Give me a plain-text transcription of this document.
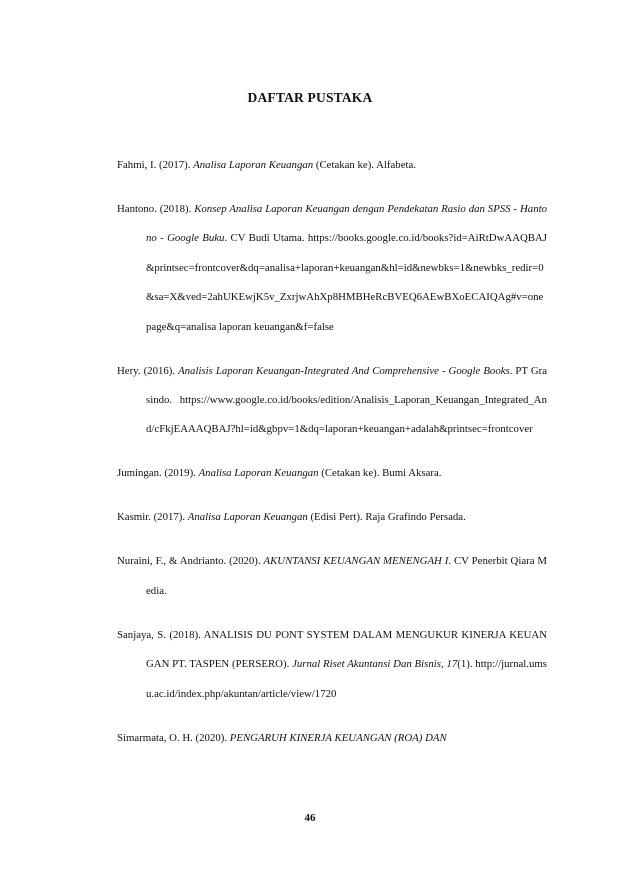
DAFTAR PUSTAKA

Fahmi, I. (2017). Analisa Laporan Keuangan (Cetakan ke). Alfabeta.

Hantono. (2018). Konsep Analisa Laporan Keuangan dengan Pendekatan Rasio dan SPSS - Hantono - Google Buku. CV Budi Utama. https://books.google.co.id/books?id=AiRtDwAAQBAJ&printsec=frontcover&dq=analisa+laporan+keuangan&hl=id&newbks=1&newbks_redir=0&sa=X&ved=2ahUKEwjK5v_ZxrjwAhXp8HMBHeRcBVEQ6AEwBXoECAIQAg#v=onepage&q=analisa laporan keuangan&f=false

Hery. (2016). Analisis Laporan Keuangan-Integrated And Comprehensive - Google Books. PT Grasindo. https://www.google.co.id/books/edition/Analisis_Laporan_Keuangan_Integrated_And/cFkjEAAAQBAJ?hl=id&gbpv=1&dq=laporan+keuangan+adalah&printsec=frontcover

Jumingan. (2019). Analisa Laporan Keuangan (Cetakan ke). Bumi Aksara.

Kasmir. (2017). Analisa Laporan Keuangan (Edisi Pert). Raja Grafindo Persada.

Nuraini, F., & Andrianto. (2020). AKUNTANSI KEUANGAN MENENGAH I. CV Penerbit Qiara Media.

Sanjaya, S. (2018). ANALISIS DU PONT SYSTEM DALAM MENGUKUR KINERJA KEUANGAN PT. TASPEN (PERSERO). Jurnal Riset Akuntansi Dan Bisnis, 17(1). http://jurnal.umsu.ac.id/index.php/akuntan/article/view/1720

Simarmata, O. H. (2020). PENGARUH KINERJA KEUANGAN (ROA) DAN

46
